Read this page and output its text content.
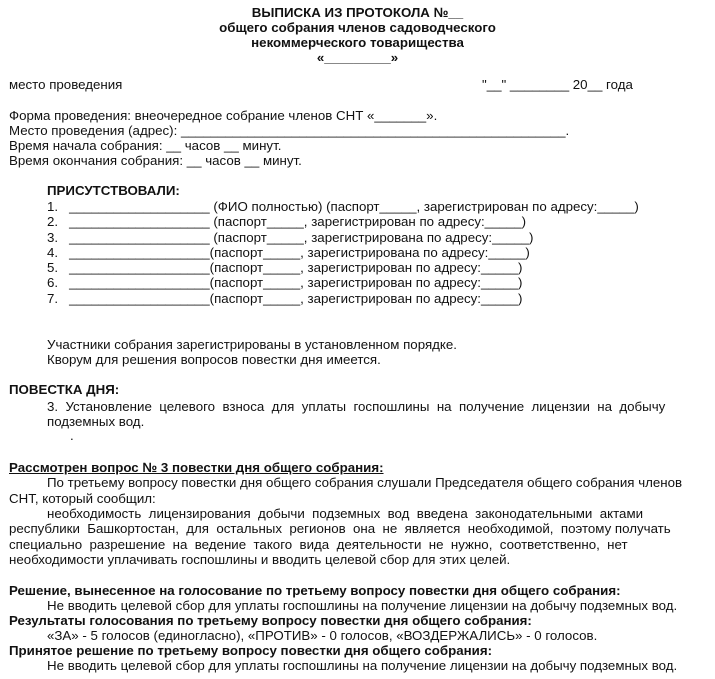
ВЫПИСКА ИЗ ПРОТОКОЛА №__
общего собрания членов садоводческого
некоммерческого товарищества
«_________»
место проведения	"__" ________ 20__ года
Форма проведения: внеочередное собрание членов СНТ «_______».
Место проведения (адрес): ____________________________________________________.
Время начала собрания: __ часов __ минут.
Время окончания собрания: __ часов __ минут.
ПРИСУТСТВОВАЛИ:
1.   ___________________ (ФИО полностью) (паспорт_____, зарегистрирован по адресу:_____)
2.   ___________________ (паспорт_____, зарегистрирован по адресу:_____)
3.   ___________________ (паспорт_____, зарегистрирована по адресу:_____)
4.   ___________________(паспорт_____, зарегистрирована по адресу:_____)
5.   ___________________(паспорт_____, зарегистрирован по адресу:_____)
6.   ___________________(паспорт_____, зарегистрирован по адресу:_____)
7.   ___________________(паспорт_____, зарегистрирован по адресу:_____)
Участники собрания зарегистрированы в установленном порядке.
Кворум для решения вопросов повестки дня имеется.
ПОВЕСТКА ДНЯ:
3.  Установление  целевого  взноса  для  уплаты  госпошлины  на  получение  лицензии  на  добычу
подземных вод.
.
Рассмотрен вопрос № 3 повестки дня общего собрания:
По третьему вопросу повестки дня общего собрания слушали Председателя общего собрания членов
СНТ, который сообщил:
необходимость  лицензирования  добычи  подземных  вод  введена  законодательными  актами
республики  Башкортостан,  для  остальных  регионов  она  не  является  необходимой,  поэтому получать
специально  разрешение  на  ведение  такого  вида  деятельности  не  нужно,  соответственно,  нет
необходимости уплачивать госпошлины и вводить целевой сбор для этих целей.
Решение, вынесенное на голосование по третьему вопросу повестки дня общего собрания:
Не вводить целевой сбор для уплаты госпошлины на получение лицензии на добычу подземных вод.
Результаты голосования по третьему вопросу повестки дня общего собрания:
«ЗА» - 5 голосов (единогласно), «ПРОТИВ» - 0 голосов, «ВОЗДЕРЖАЛИСЬ» - 0 голосов.
Принятое решение по третьему вопросу повестки дня общего собрания:
Не вводить целевой сбор для уплаты госпошлины на получение лицензии на добычу подземных вод.
